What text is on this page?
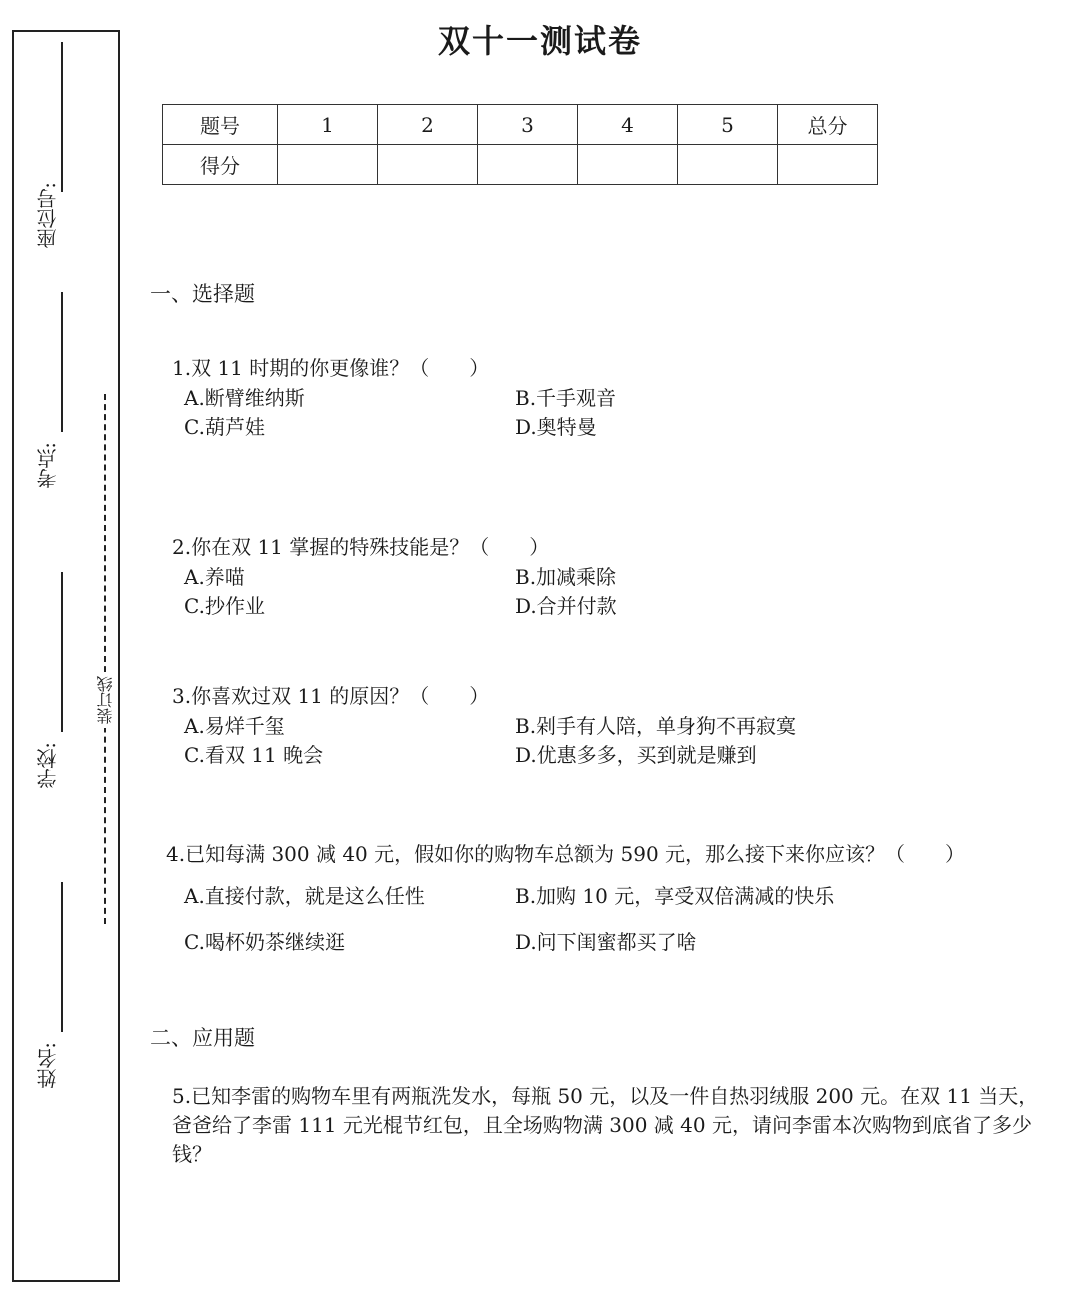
座位号:
考点:
学校:
姓名:
装订线
双十一测试卷
题号	1	2	3	4	5	总分
得分						
一、选择题
1.双 11 时期的你更像谁？（　　）
A.断臂维纳斯	B.千手观音
C.葫芦娃	D.奥特曼
2.你在双 11 掌握的特殊技能是？（　　）
A.养喵	B.加减乘除
C.抄作业	D.合并付款
3.你喜欢过双 11 的原因？（　　）
A.易烊千玺	B.剁手有人陪，单身狗不再寂寞
C.看双 11 晚会	D.优惠多多，买到就是赚到
4.已知每满 300 减 40 元，假如你的购物车总额为 590 元，那么接下来你应该？（　　）
A.直接付款，就是这么任性	B.加购 10 元，享受双倍满减的快乐
C.喝杯奶茶继续逛	D.问下闺蜜都买了啥
二、应用题
5.已知李雷的购物车里有两瓶洗发水，每瓶 50 元，以及一件自热羽绒服 200 元。在双 11 当天，爸爸给了李雷 111 元光棍节红包，且全场购物满 300 减 40 元，请问李雷本次购物到底省了多少钱？
